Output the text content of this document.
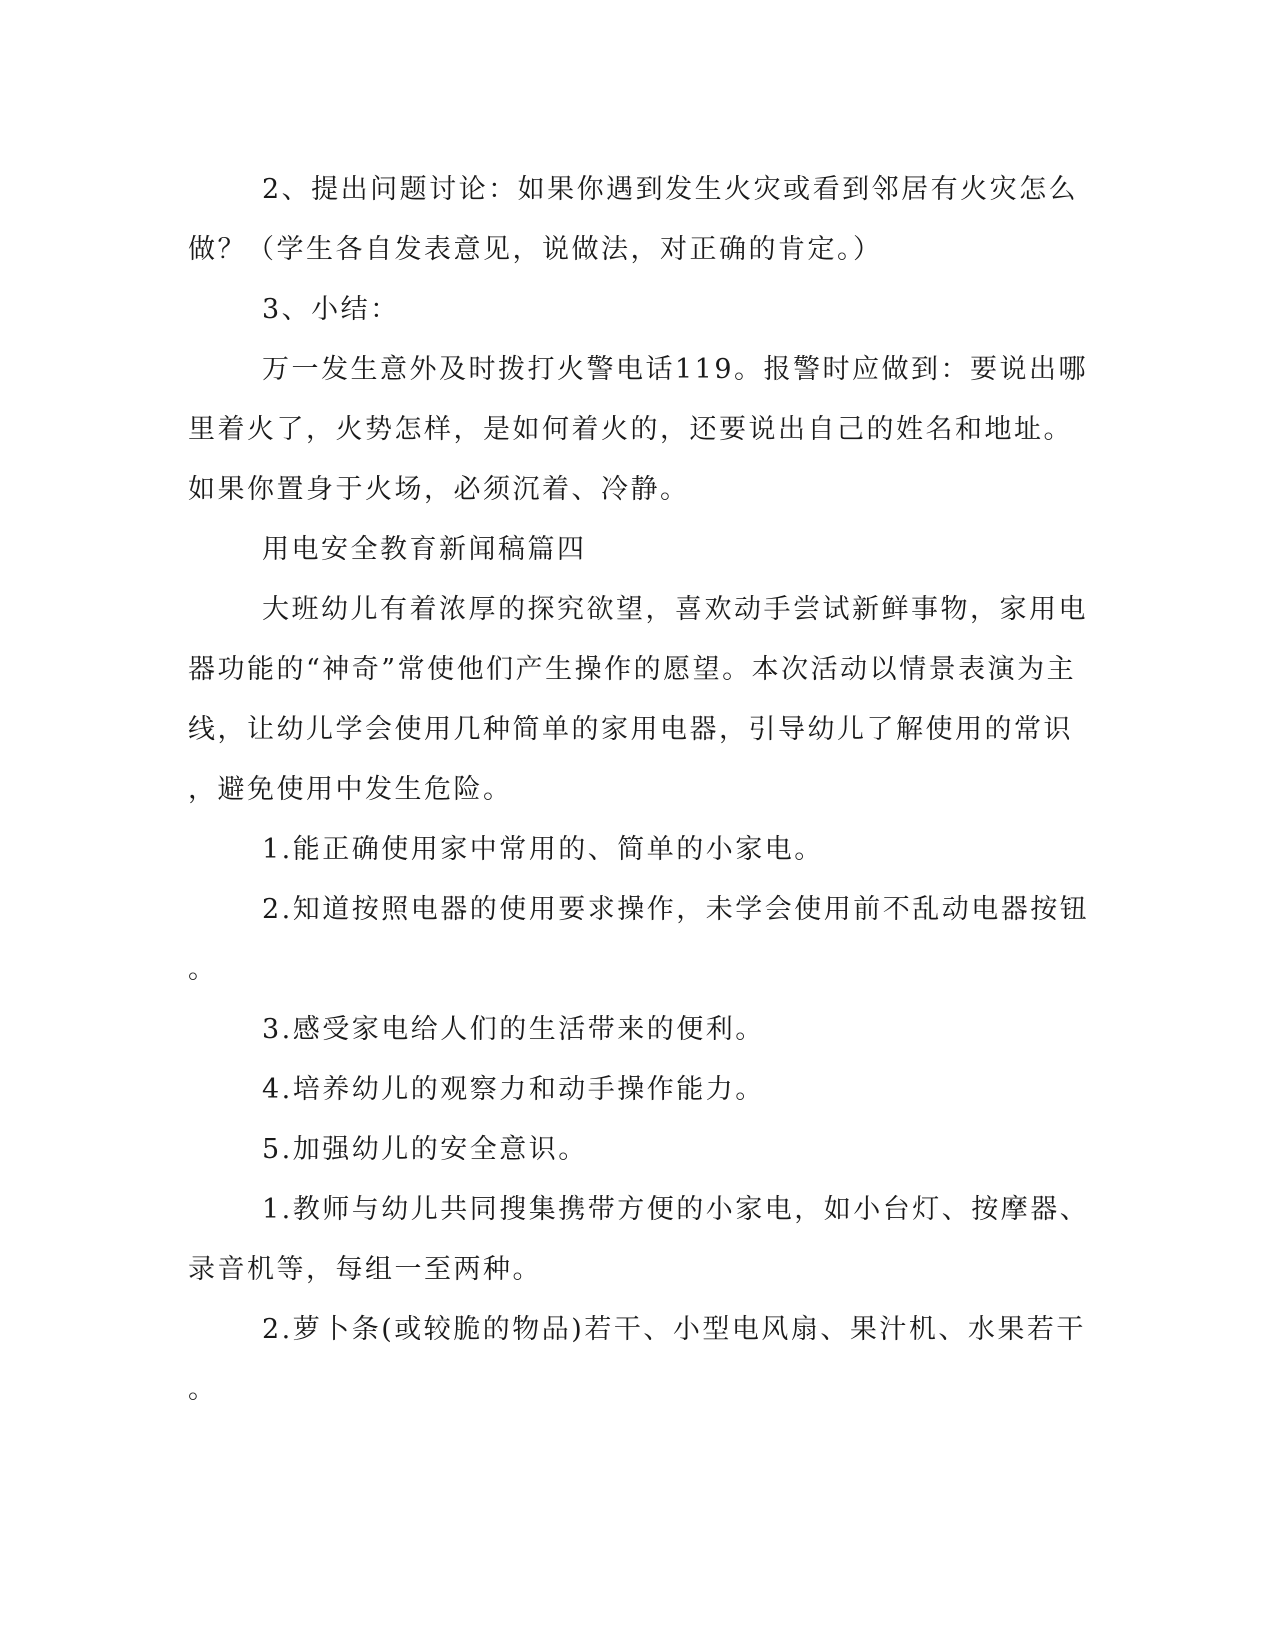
2、提出问题讨论：如果你遇到发生火灾或看到邻居有火灾怎么
做？（学生各自发表意见，说做法，对正确的肯定。）
3、小结：
万一发生意外及时拨打火警电话119。报警时应做到：要说出哪
里着火了，火势怎样，是如何着火的，还要说出自己的姓名和地址。
如果你置身于火场，必须沉着、冷静。
用电安全教育新闻稿篇四
大班幼儿有着浓厚的探究欲望，喜欢动手尝试新鲜事物，家用电
器功能的“神奇”常使他们产生操作的愿望。本次活动以情景表演为主
线，让幼儿学会使用几种简单的家用电器，引导幼儿了解使用的常识
，避免使用中发生危险。
1.能正确使用家中常用的、简单的小家电。
2.知道按照电器的使用要求操作，未学会使用前不乱动电器按钮
。
3.感受家电给人们的生活带来的便利。
4.培养幼儿的观察力和动手操作能力。
5.加强幼儿的安全意识。
1.教师与幼儿共同搜集携带方便的小家电，如小台灯、按摩器、
录音机等，每组一至两种。
2.萝卜条(或较脆的物品)若干、小型电风扇、果汁机、水果若干
。
